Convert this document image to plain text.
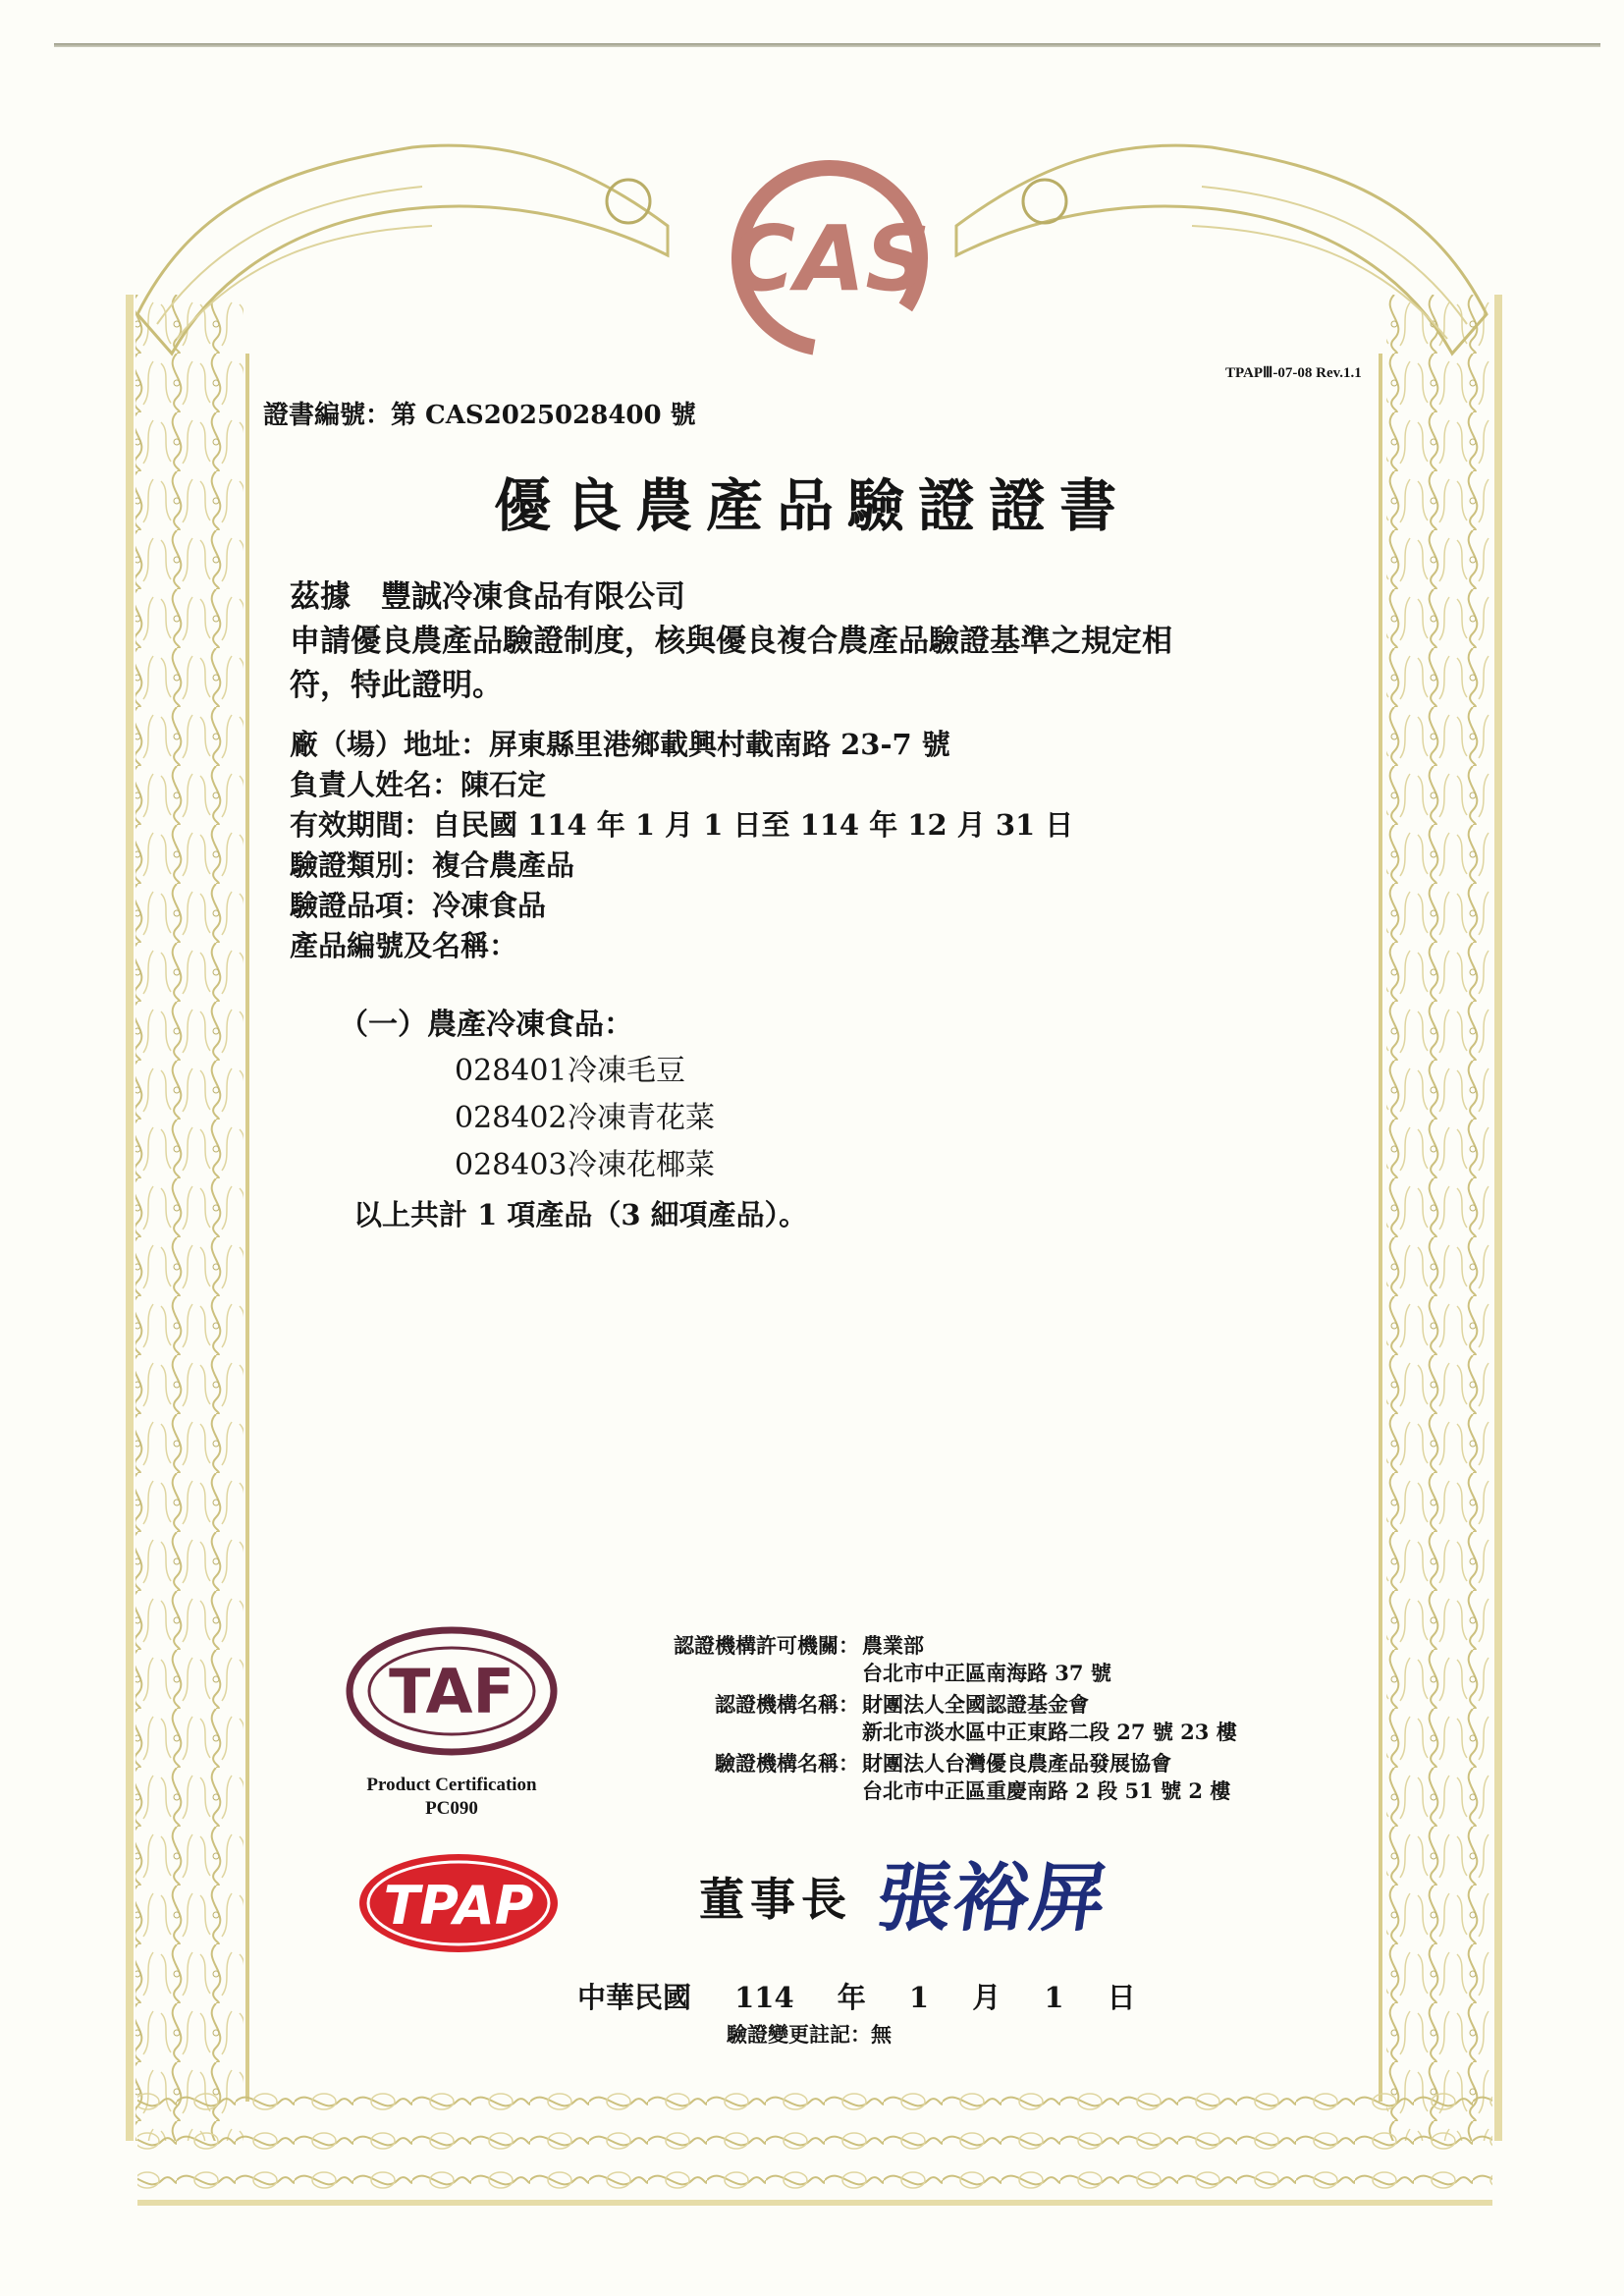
CAS
TPAPⅢ-07-08 Rev.1.1
證書編號：第 CAS2025028400 號
優良農產品驗證證書
茲據　豐誠冷凍食品有限公司
申請優良農產品驗證制度，核與優良複合農產品驗證基準之規定相
符，特此證明。
廠（場）地址：屏東縣里港鄉載興村載南路 23-7 號
負責人姓名：陳石定
有效期間：自民國 114 年 1 月 1 日至 114 年 12 月 31 日
驗證類別：複合農產品
驗證品項：冷凍食品
產品編號及名稱：
（一）農產冷凍食品：
028401冷凍毛豆
028402冷凍青花菜
028403冷凍花椰菜
以上共計 1 項產品（3 細項產品）。
認證機構許可機關： 農業部
台北市中正區南海路 37 號
認證機構名稱： 財團法人全國認證基金會
新北市淡水區中正東路二段 27 號 23 樓
驗證機構名稱： 財團法人台灣優良農產品發展協會
台北市中正區重慶南路 2 段 51 號 2 樓
TAF
Product Certification
PC090
TPAP	董事長 張裕屏
中華民國 114 年 1 月 1 日
驗證變更註記：無
